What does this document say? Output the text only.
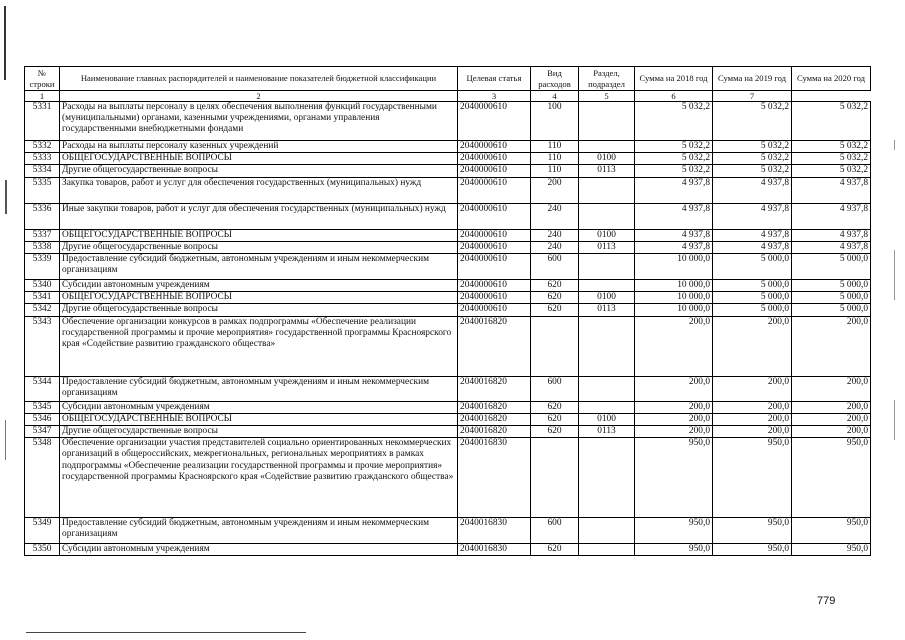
№ строки	Наименование главных распорядителей и наименование показателей бюджетной классификации	Целевая статья	Вид расходов	Раздел, подраздел	Сумма на 2018 год	Сумма на 2019 год	Сумма на 2020 год
1	2	3	4	5	6	7	
5331	Расходы на выплаты персоналу в целях обеспечения выполнения функций государственными (муниципальными) органами, казенными учреждениями, органами управления государственными внебюджетными фондами	2040000610	100		5 032,2	5 032,2	5 032,2
5332	Расходы на выплаты персоналу казенных учреждений	2040000610	110		5 032,2	5 032,2	5 032,2
5333	ОБЩЕГОСУДАРСТВЕННЫЕ ВОПРОСЫ	2040000610	110	0100	5 032,2	5 032,2	5 032,2
5334	Другие общегосударственные вопросы	2040000610	110	0113	5 032,2	5 032,2	5 032,2
5335	Закупка товаров, работ и услуг для обеспечения государственных (муниципальных) нужд	2040000610	200		4 937,8	4 937,8	4 937,8
5336	Иные закупки товаров, работ и услуг для обеспечения государственных (муниципальных) нужд	2040000610	240		4 937,8	4 937,8	4 937,8
5337	ОБЩЕГОСУДАРСТВЕННЫЕ ВОПРОСЫ	2040000610	240	0100	4 937,8	4 937,8	4 937,8
5338	Другие общегосударственные вопросы	2040000610	240	0113	4 937,8	4 937,8	4 937,8
5339	Предоставление субсидий бюджетным, автономным учреждениям и иным некоммерческим организациям	2040000610	600		10 000,0	5 000,0	5 000,0
5340	Субсидии автономным учреждениям	2040000610	620		10 000,0	5 000,0	5 000,0
5341	ОБЩЕГОСУДАРСТВЕННЫЕ ВОПРОСЫ	2040000610	620	0100	10 000,0	5 000,0	5 000,0
5342	Другие общегосударственные вопросы	2040000610	620	0113	10 000,0	5 000,0	5 000,0
5343	Обеспечение организации конкурсов в рамках подпрограммы «Обеспечение реализации государственной программы и прочие мероприятия» государственной программы Красноярского края «Содействие развитию гражданского общества»	2040016820			200,0	200,0	200,0
5344	Предоставление субсидий бюджетным, автономным учреждениям и иным некоммерческим организациям	2040016820	600		200,0	200,0	200,0
5345	Субсидии автономным учреждениям	2040016820	620		200,0	200,0	200,0
5346	ОБЩЕГОСУДАРСТВЕННЫЕ ВОПРОСЫ	2040016820	620	0100	200,0	200,0	200,0
5347	Другие общегосударственные вопросы	2040016820	620	0113	200,0	200,0	200,0
5348	Обеспечение организации участия представителей социально ориентированных некоммерческих организаций в общероссийских, межрегиональных, региональных мероприятиях в рамках подпрограммы «Обеспечение реализации государственной программы и прочие мероприятия» государственной программы Красноярского края «Содействие развитию гражданского общества»	2040016830			950,0	950,0	950,0
5349	Предоставление субсидий бюджетным, автономным учреждениям и иным некоммерческим организациям	2040016830	600		950,0	950,0	950,0
5350	Субсидии автономным учреждениям	2040016830	620		950,0	950,0	950,0
779
